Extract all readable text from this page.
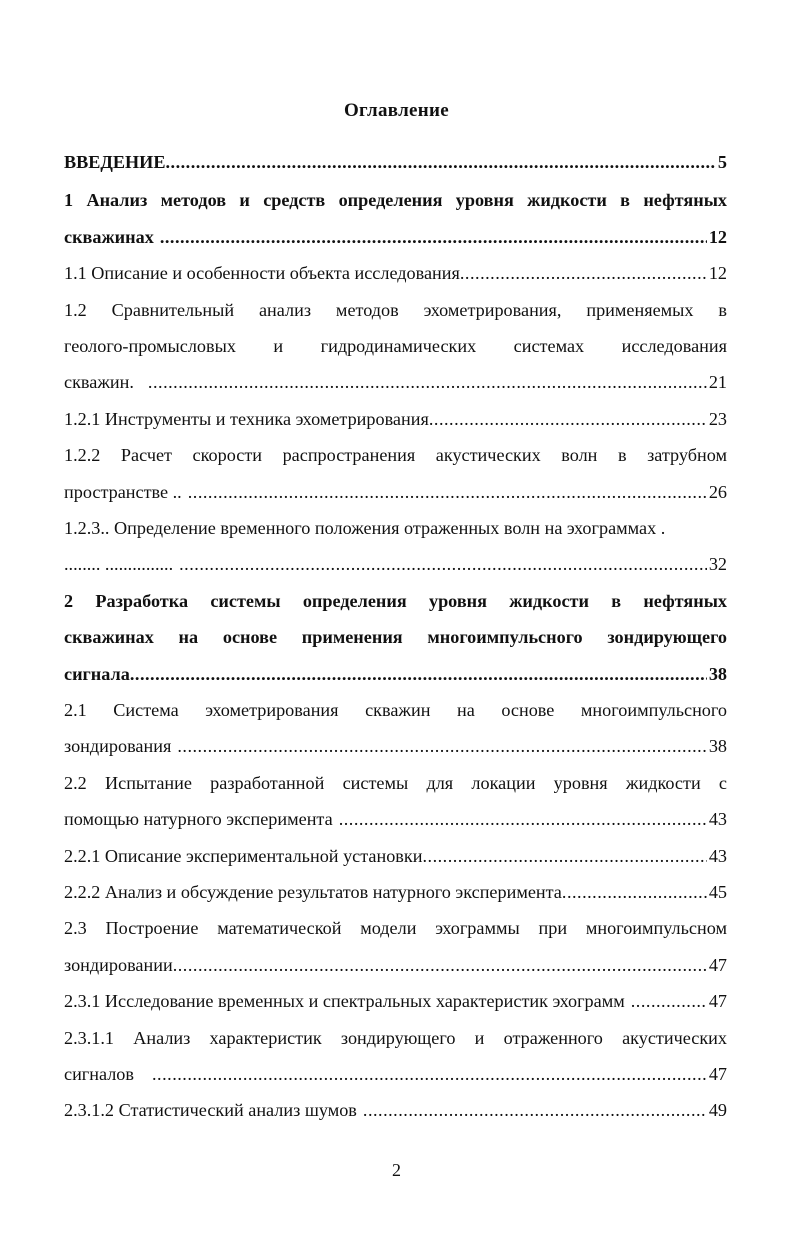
Оглавление
ВВЕДЕНИЕ .....	5
1 Анализ методов и средств определения уровня жидкости в нефтяных
скважинах .....	12
1.1 Описание и особенности объекта исследования .....	12
1.2 Сравнительный анализ методов эхометрирования, применяемых в
геолого-промысловых и гидродинамических системах исследования
скважин. .....	21
1.2.1 Инструменты и техника эхометрирования .....	23
1.2.2 Расчет скорости распространения акустических волн в затрубном
пространстве .. .....	26
1.2.3.. Определение временного положения отраженных волн на эхограммах .
........ ............... .....	32
2 Разработка системы определения уровня жидкости в нефтяных
скважинах на основе применения многоимпульсного зондирующего
сигнала .....	38
2.1 Система эхометрирования скважин на основе многоимпульсного
зондирования .....	38
2.2 Испытание разработанной системы для локации уровня жидкости с
помощью натурного эксперимента .....	43
2.2.1 Описание экспериментальной установки .....	43
2.2.2 Анализ и обсуждение результатов натурного эксперимента .....	45
2.3 Построение математической модели эхограммы при многоимпульсном
зондировании .....	47
2.3.1 Исследование временных и спектральных характеристик эхограмм .....	47
2.3.1.1 Анализ характеристик зондирующего и отраженного акустических
сигналов .....	47
2.3.1.2 Статистический анализ шумов .....	49
2
